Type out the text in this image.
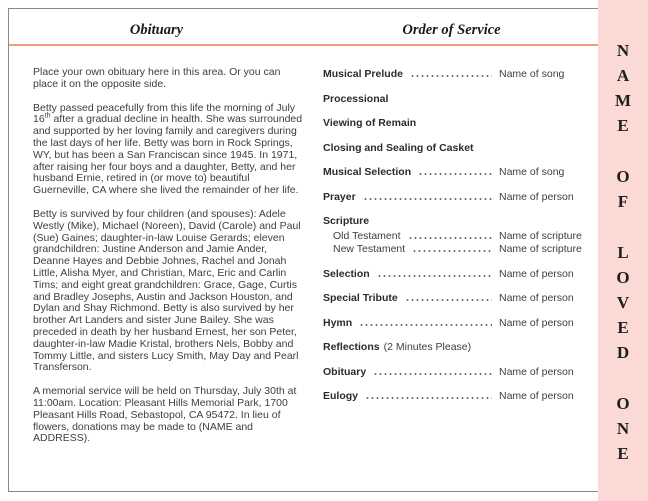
Obituary	Order of Service

Place your own obituary here in this area. Or you can place it on the opposite side.

Betty passed peacefully from this life the morning of July 16th after a gradual decline in health. She was surrounded and supported by her loving family and caregivers during the last days of her life. Betty was born in Rock Springs, WY, but has been a San Franciscan since 1945. In 1971, after raising her four boys and a daughter, Betty, and her husband Ernie, retired in (or move to) beautiful Guerneville, CA where she lived the remainder of her life.

Betty is survived by four children (and spouses): Adele Westly (Mike), Michael (Noreen), David (Carole) and Paul (Sue) Gaines; daughter-in-law Louise Gerards; eleven grandchildren: Justine Anderson and Jamie Ander, Deanne Hayes and Debbie Johnes, Rachel and Jonah Little, Alisha Myer, and Christian, Marc, Eric and Carlin Tims; and eight great grandchildren: Grace, Gage, Curtis and Bradley Josephs, Austin and Jackson Houston, and Dylan and Shay Richmond. Betty is also survived by her brother Art Landers and sister June Bailey. She was preceded in death by her husband Ernest, her son Peter, daughter-in-law Madie Kristal, brothers Nels, Bobby and Tommy Little, and sisters Lucy Smith, May Day and Pearl Transferson.

A memorial service will be held on Thursday, July 30th at 11:00am. Location: Pleasant Hills Memorial Park, 1700 Pleasant Hills Road, Sebastopol, CA 95472. In lieu of flowers, donations may be made to (NAME and ADDRESS).

Musical Prelude	Name of song
Processional
Viewing of Remain
Closing and Sealing of Casket
Musical Selection	Name of song
Prayer	Name of person
Scripture
Old Testament	Name of scripture
New Testament	Name of scripture
Selection	Name of person
Special Tribute	Name of person
Hymn	Name of person
Reflections (2 Minutes Please)
Obituary	Name of person
Eulogy	Name of person
NAME
OF
LOVED
ONE
